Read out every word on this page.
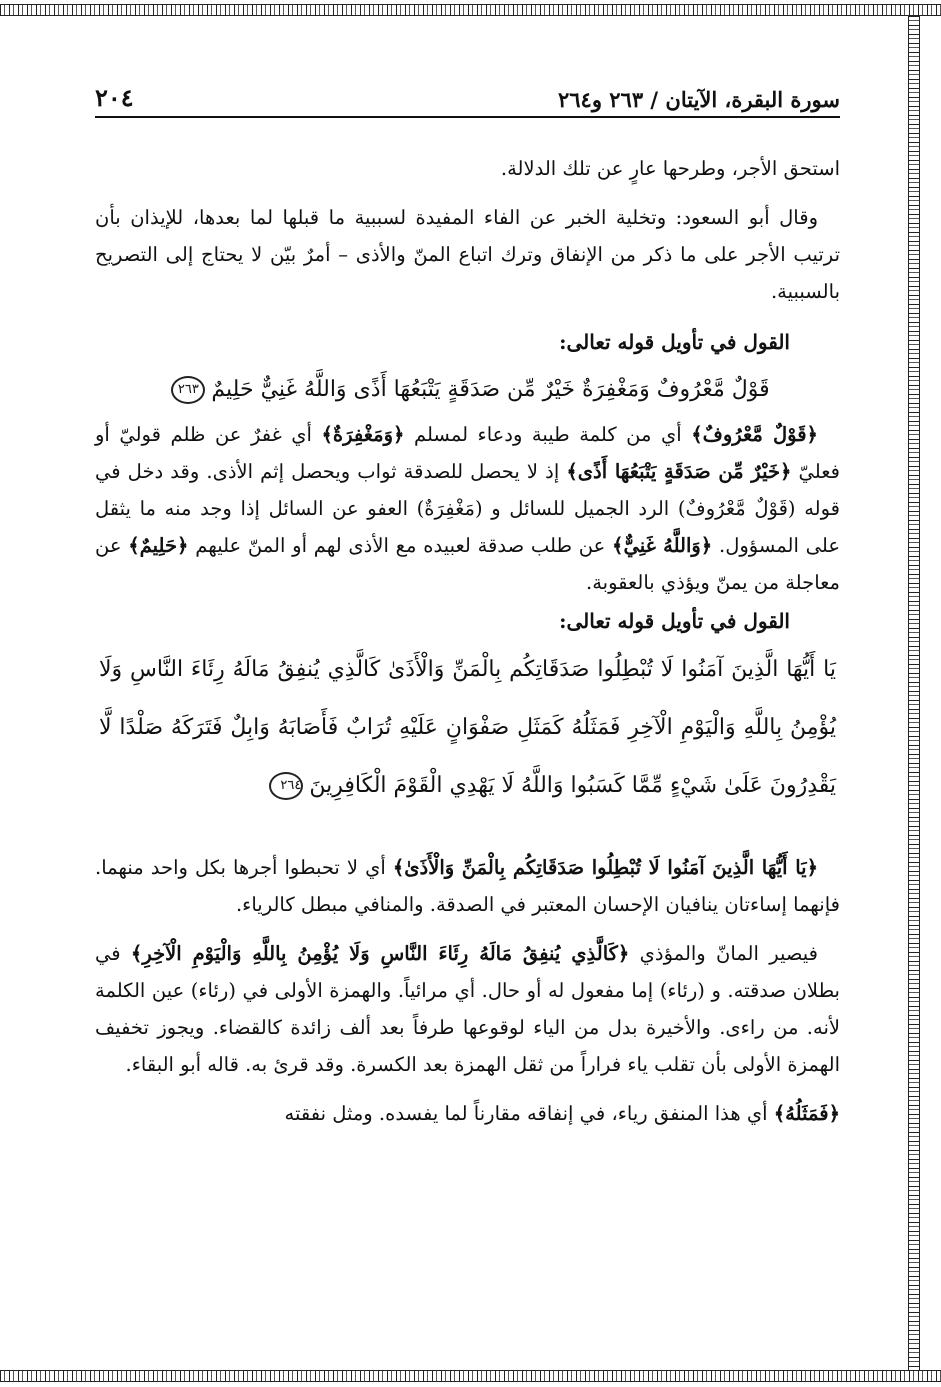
سورة البقرة، الآيتان / ٢٦٣ و٢٦٤
٢٠٤

استحق الأجر، وطرحها عارٍ عن تلك الدلالة.

وقال أبو السعود: وتخلية الخبر عن الفاء المفيدة لسببية ما قبلها لما بعدها، للإيذان بأن ترتيب الأجر على ما ذكر من الإنفاق وترك اتباع المنّ والأذى – أمرٌ بيّن لا يحتاج إلى التصريح بالسببية.

القول في تأويل قوله تعالى:

قَوْلٌ مَّعْرُوفٌ وَمَغْفِرَةٌ خَيْرٌ مِّن صَدَقَةٍ يَتْبَعُهَا أَذًى وَاللَّهُ غَنِيٌّ حَلِيمٌ٢٦٣

﴿قَوْلٌ مَّعْرُوفٌ﴾ أي من كلمة طيبة ودعاء لمسلم ﴿وَمَغْفِرَةٌ﴾ أي غفرٌ عن ظلم قوليّ أو فعليّ ﴿خَيْرٌ مِّن صَدَقَةٍ يَتْبَعُهَا أَذًى﴾ إذ لا يحصل للصدقة ثواب ويحصل إثم الأذى. وقد دخل في قوله (قَوْلٌ مَّعْرُوفٌ) الرد الجميل للسائل و (مَغْفِرَةٌ) العفو عن السائل إذا وجد منه ما يثقل على المسؤول. ﴿وَاللَّهُ غَنِيٌّ﴾ عن طلب صدقة لعبيده مع الأذى لهم أو المنّ عليهم ﴿حَلِيمٌ﴾ عن معاجلة من يمنّ ويؤذي بالعقوبة.

القول في تأويل قوله تعالى:

يَا أَيُّهَا الَّذِينَ آمَنُوا لَا تُبْطِلُوا صَدَقَاتِكُم بِالْمَنِّ وَالْأَذَىٰ كَالَّذِي يُنفِقُ مَالَهُ رِئَاءَ النَّاسِ وَلَا يُؤْمِنُ بِاللَّهِ وَالْيَوْمِ الْآخِرِ فَمَثَلُهُ كَمَثَلِ صَفْوَانٍ عَلَيْهِ تُرَابٌ فَأَصَابَهُ وَابِلٌ فَتَرَكَهُ صَلْدًا لَّا يَقْدِرُونَ عَلَىٰ شَيْءٍ مِّمَّا كَسَبُوا وَاللَّهُ لَا يَهْدِي الْقَوْمَ الْكَافِرِينَ٢٦٤

﴿يَا أَيُّهَا الَّذِينَ آمَنُوا لَا تُبْطِلُوا صَدَقَاتِكُم بِالْمَنِّ وَالْأَذَىٰ﴾ أي لا تحبطوا أجرها بكل واحد منهما. فإنهما إساءتان ينافيان الإحسان المعتبر في الصدقة. والمنافي مبطل كالرياء.

فيصير المانّ والمؤذي ﴿كَالَّذِي يُنفِقُ مَالَهُ رِئَاءَ النَّاسِ وَلَا يُؤْمِنُ بِاللَّهِ وَالْيَوْمِ الْآخِرِ﴾ في بطلان صدقته. و (رئاء) إما مفعول له أو حال. أي مرائياً. والهمزة الأولى في (رئاء) عين الكلمة لأنه. من راءى. والأخيرة بدل من الياء لوقوعها طرفاً بعد ألف زائدة كالقضاء. ويجوز تخفيف الهمزة الأولى بأن تقلب ياء فراراً من ثقل الهمزة بعد الكسرة. وقد قرئ به. قاله أبو البقاء.

﴿فَمَثَلُهُ﴾ أي هذا المنفق رياء، في إنفاقه مقارناً لما يفسده. ومثل نفقته
